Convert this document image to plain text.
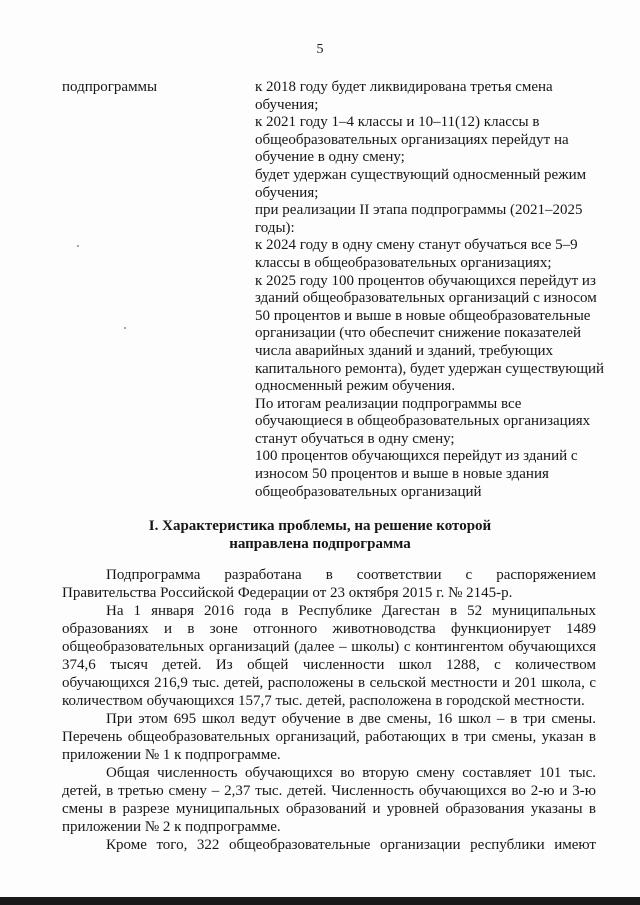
5
подпрограммы	к 2018 году будет ликвидирована третья смена
обучения;
к 2021 году 1–4 классы и 10–11(12) классы в
общеобразовательных организациях перейдут на
обучение в одну смену;
будет удержан существующий односменный режим
обучения;
при реализации II этапа подпрограммы (2021–2025
годы):
к 2024 году в одну смену станут обучаться все 5–9
классы в общеобразовательных организациях;
к 2025 году 100 процентов обучающихся перейдут из
зданий общеобразовательных организаций с износом
50 процентов и выше в новые общеобразовательные
организации (что обеспечит снижение показателей
числа аварийных зданий и зданий, требующих
капитального ремонта), будет удержан существующий
односменный режим обучения.
По итогам реализации подпрограммы все
обучающиеся в общеобразовательных организациях
станут обучаться в одну смену;
100 процентов обучающихся перейдут из зданий с
износом 50 процентов и выше в новые здания
общеобразовательных организаций
I. Характеристика проблемы, на решение которой
направлена подпрограмма
Подпрограмма разработана в соответствии с распоряжением
Правительства Российской Федерации от 23 октября 2015 г. № 2145-р.
На 1 января 2016 года в Республике Дагестан в 52 муниципальных
образованиях и в зоне отгонного животноводства функционирует 1489
общеобразовательных организаций (далее – школы) с контингентом обучающихся
374,6 тысяч детей. Из общей численности школ 1288, с количеством
обучающихся 216,9 тыс. детей, расположены в сельской местности и 201 школа, с
количеством обучающихся 157,7 тыс. детей, расположена в городской местности.
При этом 695 школ ведут обучение в две смены, 16 школ – в три смены.
Перечень общеобразовательных организаций, работающих в три смены, указан в
приложении № 1 к подпрограмме.
Общая численность обучающихся во вторую смену составляет 101 тыс.
детей, в третью смену – 2,37 тыс. детей. Численность обучающихся во 2-ю и 3-ю
смены в разрезе муниципальных образований и уровней образования указаны в
приложении № 2 к подпрограмме.
Кроме того, 322 общеобразовательные организации республики имеют
